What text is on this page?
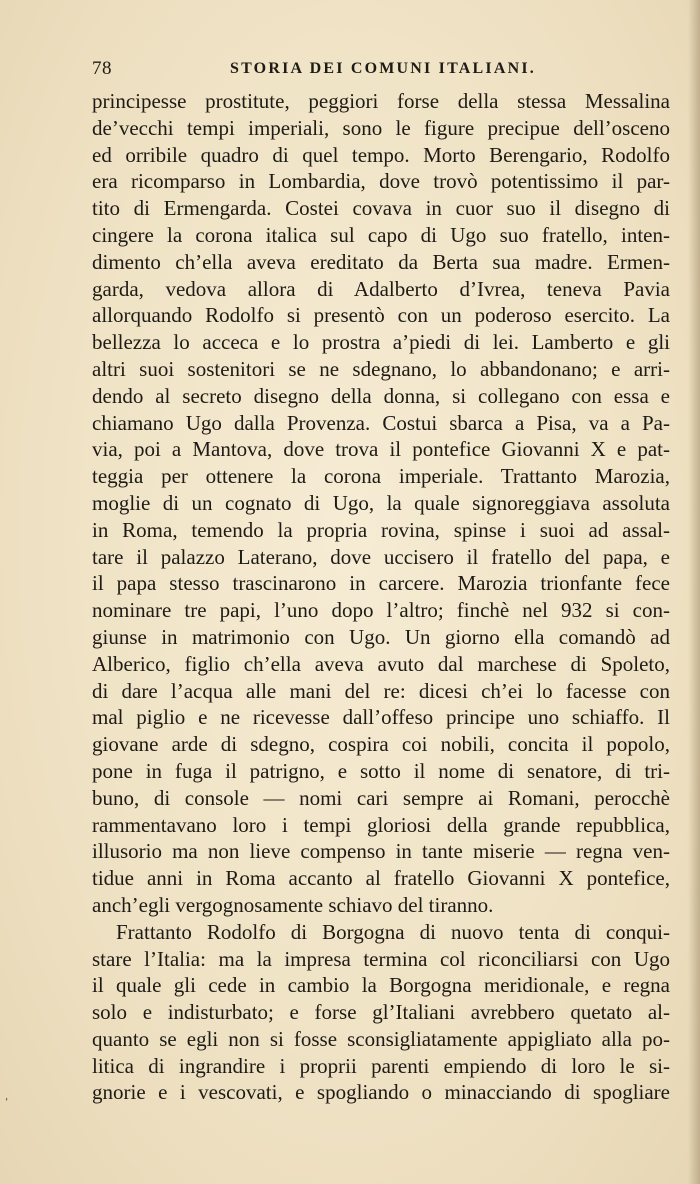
78	STORIA DEI COMUNI ITALIANI.
principesse prostitute, peggiori forse della stessa Messalina
de’vecchi tempi imperiali, sono le figure precipue dell’osceno
ed orribile quadro di quel tempo. Morto Berengario, Rodolfo
era ricomparso in Lombardia, dove trovò potentissimo il par-
tito di Ermengarda. Costei covava in cuor suo il disegno di
cingere la corona italica sul capo di Ugo suo fratello, inten-
dimento ch’ella aveva ereditato da Berta sua madre. Ermen-
garda, vedova allora di Adalberto d’Ivrea, teneva Pavia
allorquando Rodolfo si presentò con un poderoso esercito. La
bellezza lo acceca e lo prostra a’piedi di lei. Lamberto e gli
altri suoi sostenitori se ne sdegnano, lo abbandonano; e arri-
dendo al secreto disegno della donna, si collegano con essa e
chiamano Ugo dalla Provenza. Costui sbarca a Pisa, va a Pa-
via, poi a Mantova, dove trova il pontefice Giovanni X e pat-
teggia per ottenere la corona imperiale. Trattanto Marozia,
moglie di un cognato di Ugo, la quale signoreggiava assoluta
in Roma, temendo la propria rovina, spinse i suoi ad assal-
tare il palazzo Laterano, dove uccisero il fratello del papa, e
il papa stesso trascinarono in carcere. Marozia trionfante fece
nominare tre papi, l’uno dopo l’altro; finchè nel 932 si con-
giunse in matrimonio con Ugo. Un giorno ella comandò ad
Alberico, figlio ch’ella aveva avuto dal marchese di Spoleto,
di dare l’acqua alle mani del re: dicesi ch’ei lo facesse con
mal piglio e ne ricevesse dall’offeso principe uno schiaffo. Il
giovane arde di sdegno, cospira coi nobili, concita il popolo,
pone in fuga il patrigno, e sotto il nome di senatore, di tri-
buno, di console — nomi cari sempre ai Romani, perocchè
rammentavano loro i tempi gloriosi della grande repubblica,
illusorio ma non lieve compenso in tante miserie — regna ven-
tidue anni in Roma accanto al fratello Giovanni X pontefice,
anch’egli vergognosamente schiavo del tiranno.
Frattanto Rodolfo di Borgogna di nuovo tenta di conqui-
stare l’Italia: ma la impresa termina col riconciliarsi con Ugo
il quale gli cede in cambio la Borgogna meridionale, e regna
solo e indisturbato; e forse gl’Italiani avrebbero quetato al-
quanto se egli non si fosse sconsigliatamente appigliato alla po-
litica di ingrandire i proprii parenti empiendo di loro le si-
gnorie e i vescovati, e spogliando o minacciando di spogliare
ˈ
